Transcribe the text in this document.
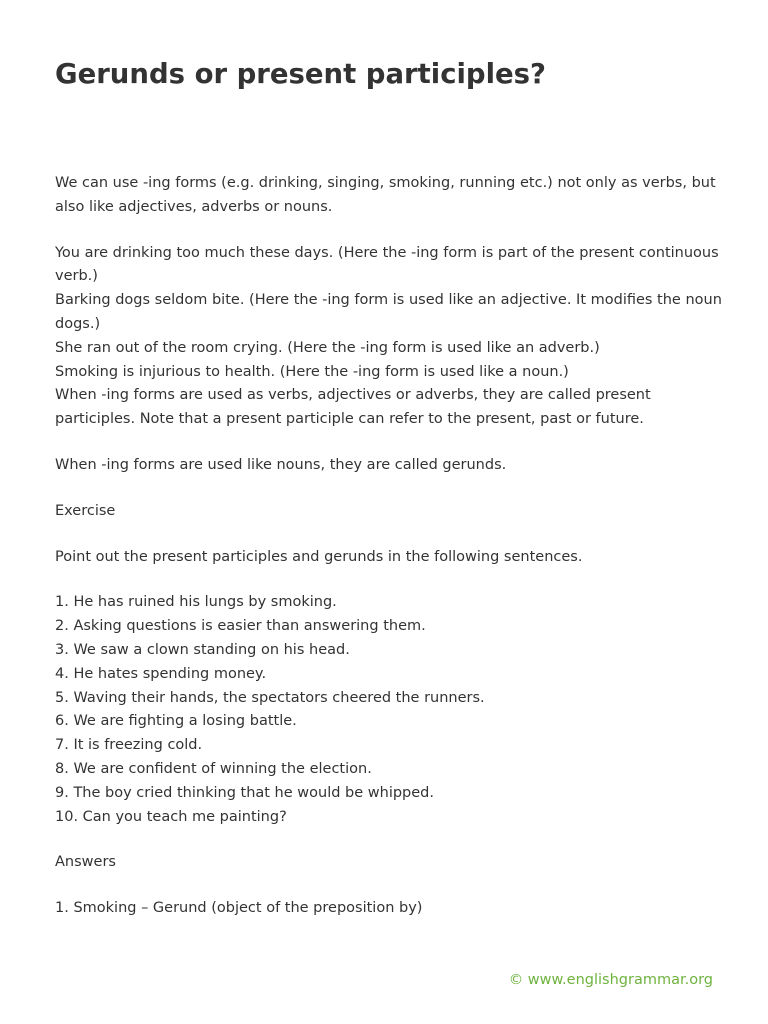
Gerunds or present participles?

We can use -ing forms (e.g. drinking, singing, smoking, running etc.) not only as verbs, but also like adjectives, adverbs or nouns.

You are drinking too much these days. (Here the -ing form is part of the present continuous verb.)
Barking dogs seldom bite. (Here the -ing form is used like an adjective. It modifies the noun dogs.)
She ran out of the room crying. (Here the -ing form is used like an adverb.)
Smoking is injurious to health. (Here the -ing form is used like a noun.)
When -ing forms are used as verbs, adjectives or adverbs, they are called present participles. Note that a present participle can refer to the present, past or future.

When -ing forms are used like nouns, they are called gerunds.

Exercise

Point out the present participles and gerunds in the following sentences.

1. He has ruined his lungs by smoking.
2. Asking questions is easier than answering them.
3. We saw a clown standing on his head.
4. He hates spending money.
5. Waving their hands, the spectators cheered the runners.
6. We are fighting a losing battle.
7. It is freezing cold.
8. We are confident of winning the election.
9. The boy cried thinking that he would be whipped.
10. Can you teach me painting?

Answers

1. Smoking – Gerund (object of the preposition by)
© www.englishgrammar.org
